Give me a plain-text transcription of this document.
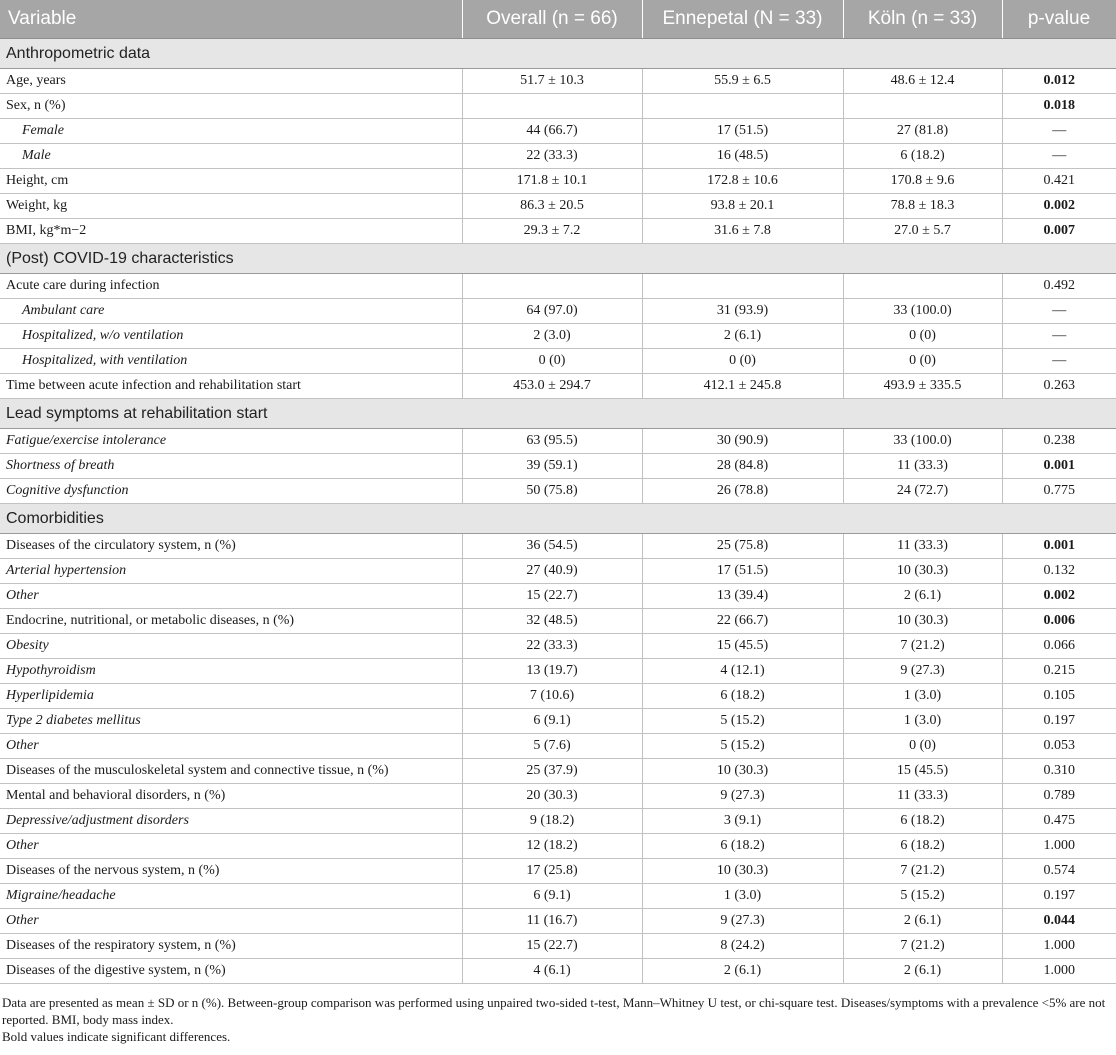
Variable	Overall (n = 66)	Ennepetal (N = 33)	Köln (n = 33)	p-value
Anthropometric data				
Age, years	51.7 ± 10.3	55.9 ± 6.5	48.6 ± 12.4	0.012
Sex, n (%)				0.018
Female	44 (66.7)	17 (51.5)	27 (81.8)	—
Male	22 (33.3)	16 (48.5)	6 (18.2)	—
Height, cm	171.8 ± 10.1	172.8 ± 10.6	170.8 ± 9.6	0.421
Weight, kg	86.3 ± 20.5	93.8 ± 20.1	78.8 ± 18.3	0.002
BMI, kg*m−2	29.3 ± 7.2	31.6 ± 7.8	27.0 ± 5.7	0.007
(Post) COVID-19 characteristics				
Acute care during infection				0.492
Ambulant care	64 (97.0)	31 (93.9)	33 (100.0)	—
Hospitalized, w/o ventilation	2 (3.0)	2 (6.1)	0 (0)	—
Hospitalized, with ventilation	0 (0)	0 (0)	0 (0)	—
Time between acute infection and rehabilitation start	453.0 ± 294.7	412.1 ± 245.8	493.9 ± 335.5	0.263
Lead symptoms at rehabilitation start				
Fatigue/exercise intolerance	63 (95.5)	30 (90.9)	33 (100.0)	0.238
Shortness of breath	39 (59.1)	28 (84.8)	11 (33.3)	0.001
Cognitive dysfunction	50 (75.8)	26 (78.8)	24 (72.7)	0.775
Comorbidities				
Diseases of the circulatory system, n (%)	36 (54.5)	25 (75.8)	11 (33.3)	0.001
Arterial hypertension	27 (40.9)	17 (51.5)	10 (30.3)	0.132
Other	15 (22.7)	13 (39.4)	2 (6.1)	0.002
Endocrine, nutritional, or metabolic diseases, n (%)	32 (48.5)	22 (66.7)	10 (30.3)	0.006
Obesity	22 (33.3)	15 (45.5)	7 (21.2)	0.066
Hypothyroidism	13 (19.7)	4 (12.1)	9 (27.3)	0.215
Hyperlipidemia	7 (10.6)	6 (18.2)	1 (3.0)	0.105
Type 2 diabetes mellitus	6 (9.1)	5 (15.2)	1 (3.0)	0.197
Other	5 (7.6)	5 (15.2)	0 (0)	0.053
Diseases of the musculoskeletal system and connective tissue, n (%)	25 (37.9)	10 (30.3)	15 (45.5)	0.310
Mental and behavioral disorders, n (%)	20 (30.3)	9 (27.3)	11 (33.3)	0.789
Depressive/adjustment disorders	9 (18.2)	3 (9.1)	6 (18.2)	0.475
Other	12 (18.2)	6 (18.2)	6 (18.2)	1.000
Diseases of the nervous system, n (%)	17 (25.8)	10 (30.3)	7 (21.2)	0.574
Migraine/headache	6 (9.1)	1 (3.0)	5 (15.2)	0.197
Other	11 (16.7)	9 (27.3)	2 (6.1)	0.044
Diseases of the respiratory system, n (%)	15 (22.7)	8 (24.2)	7 (21.2)	1.000
Diseases of the digestive system, n (%)	4 (6.1)	2 (6.1)	2 (6.1)	1.000

Data are presented as mean ± SD or n (%). Between-group comparison was performed using unpaired two-sided t-test, Mann–Whitney U test, or chi-square test. Diseases/symptoms with a prevalence <5% are not reported. BMI, body mass index.

Bold values indicate significant differences.
